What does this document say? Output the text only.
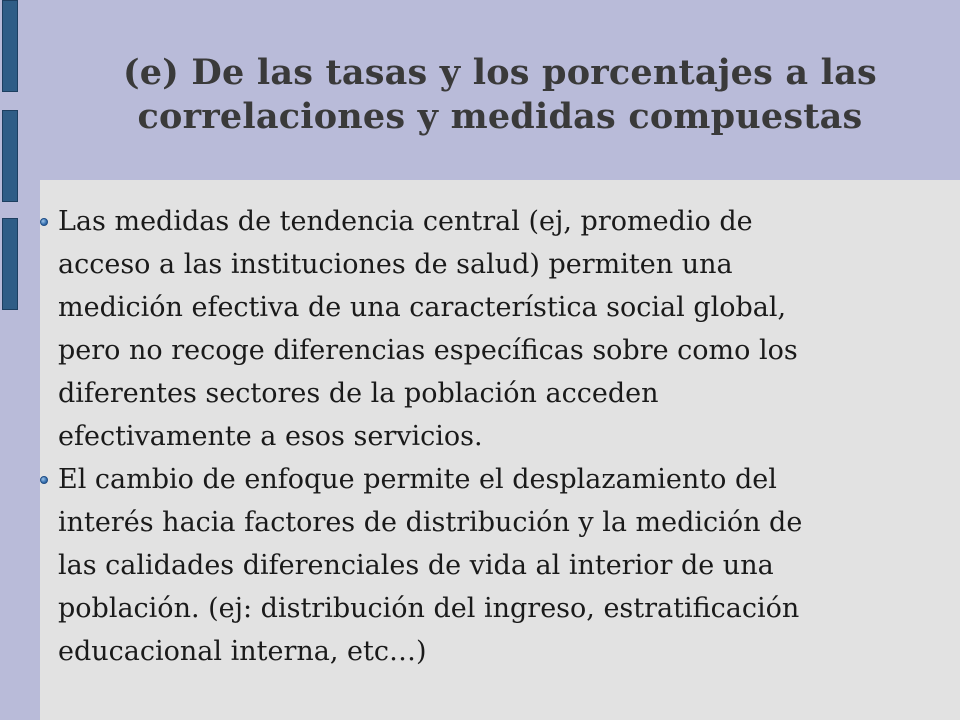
(e) De las tasas y los porcentajes a las
correlaciones y medidas compuestas

Las medidas de tendencia central (ej, promedio de
acceso a las instituciones de salud) permiten una
medición efectiva de una característica social global,
pero no recoge diferencias específicas sobre como los
diferentes sectores de la población acceden
efectivamente a esos servicios.

El cambio de enfoque permite el desplazamiento del
interés hacia factores de distribución y la medición de
las calidades diferenciales de vida al interior de una
población. (ej: distribución del ingreso, estratificación
educacional interna, etc…)
